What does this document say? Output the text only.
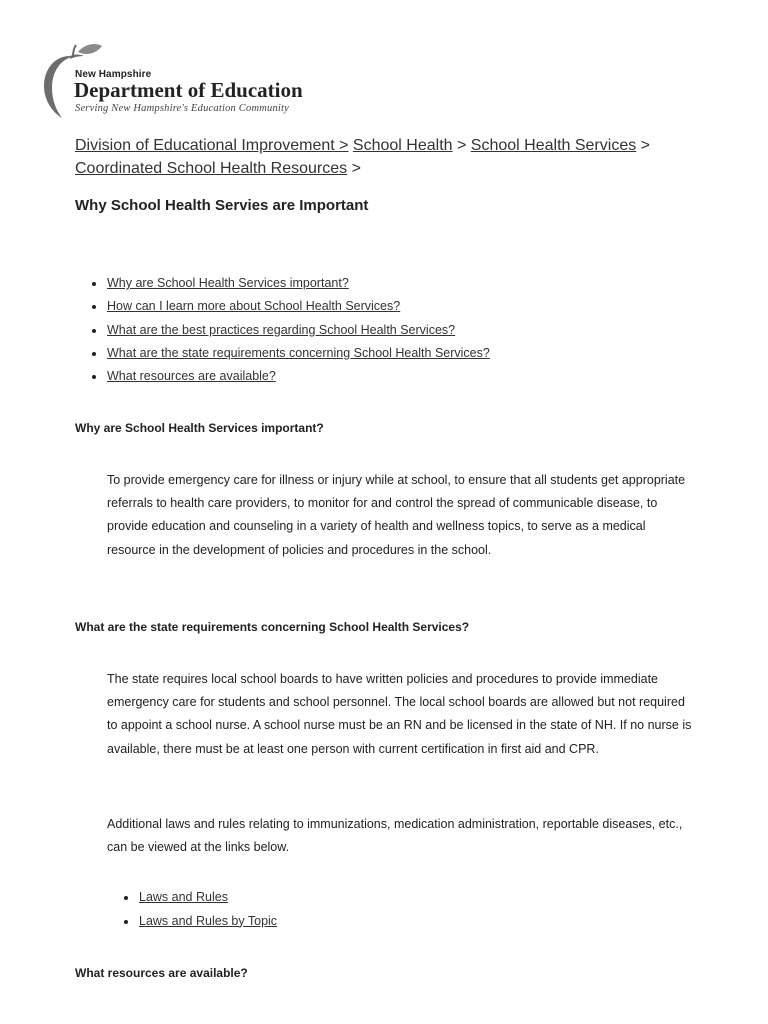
New Hampshire
Department of Education
Serving New Hampshire's Education Community
Division of Educational Improvement > School Health > School Health Services >
Coordinated School Health Resources >
Why School Health Servies are Important
Why are School Health Services important?
How can I learn more about School Health Services?
What are the best practices regarding School Health Services?
What are the state requirements concerning School Health Services?
What resources are available?
Why are School Health Services important?

To provide emergency care for illness or injury while at school, to ensure that all students get appropriate referrals to health care providers, to monitor for and control the spread of communicable disease, to provide education and counseling in a variety of health and wellness topics, to serve as a medical resource in the development of policies and procedures in the school.

What are the state requirements concerning School Health Services?

The state requires local school boards to have written policies and procedures to provide immediate emergency care for students and school personnel. The local school boards are allowed but not required to appoint a school nurse. A school nurse must be an RN and be licensed in the state of NH. If no nurse is available, there must be at least one person with current certification in first aid and CPR.

Additional laws and rules relating to immunizations, medication administration, reportable diseases, etc., can be viewed at the links below.

Laws and Rules
Laws and Rules by Topic
What resources are available?
